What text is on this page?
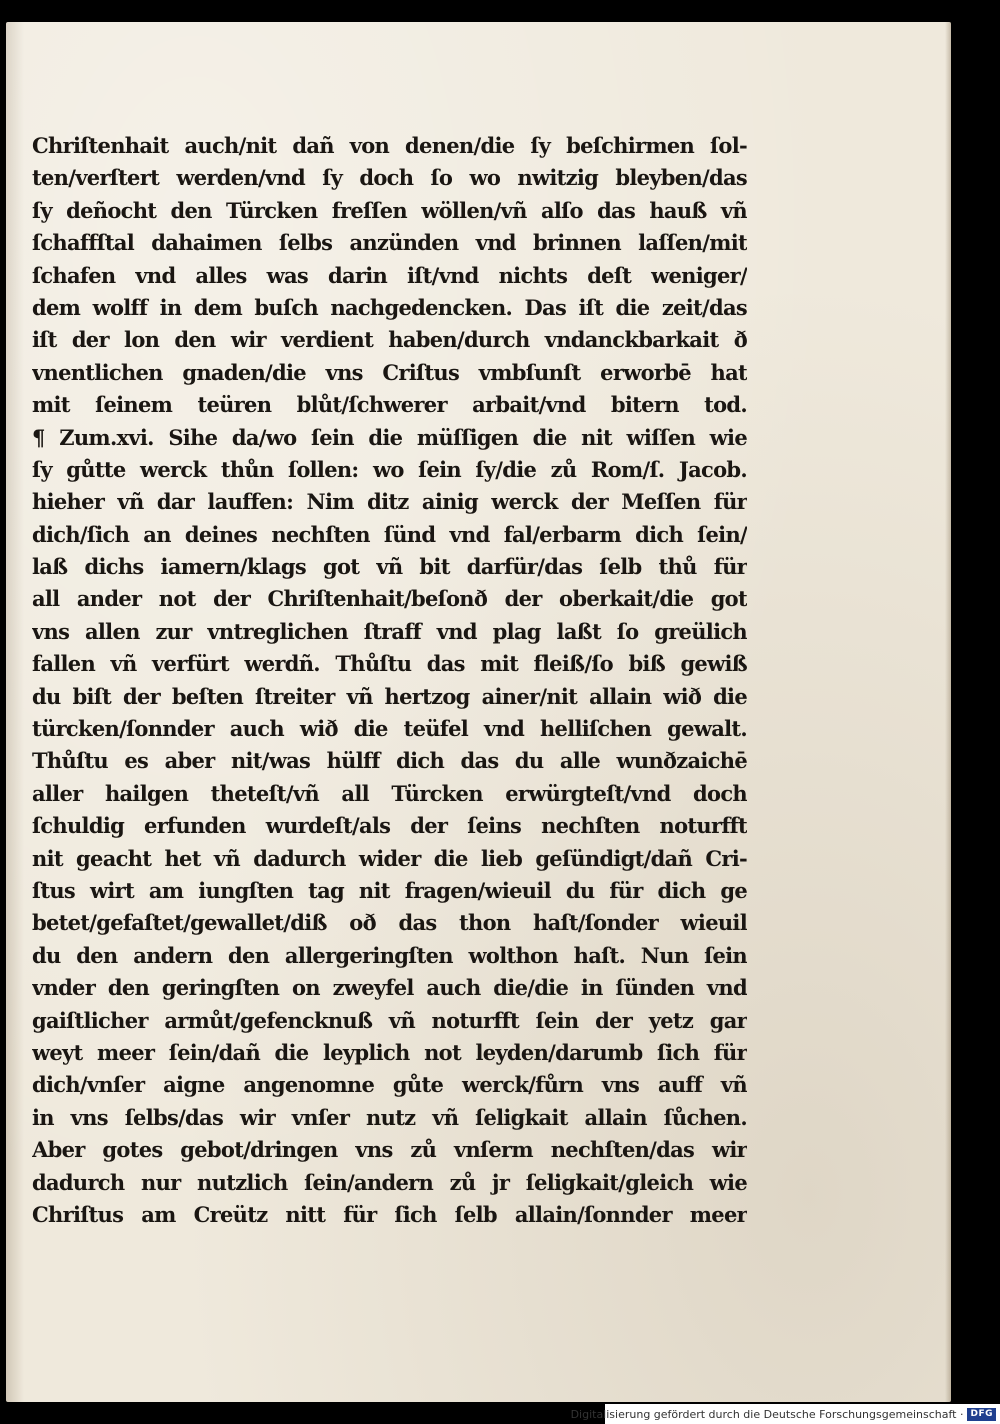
Chriſtenhait auch/nit dañ von denen/die ſy beſchirmen ſol-
ten/verſtert werden/vnd ſy doch ſo wo nwitzig bleyben/das
ſy deñocht den Türcken freſſen wöllen/vñ alſo das hauß vñ
ſchaffſtal dahaimen ſelbs anzünden vnd brinnen laſſen/mit
ſchafen vnd alles was darin iſt/vnd nichts deſt weniger/
dem wolff in dem buſch nachgedencken. Das iſt die zeit/das
iſt der lon den wir verdient haben/durch vndanckbarkait ð
vnentlichen gnaden/die vns Criſtus vmbſunſt erworbē hat
mit ſeinem teüren blůt/ſchwerer arbait/vnd bitern tod.
¶ Zum.xvi. Sihe da/wo ſein die müſſigen die nit wiſſen wie
ſy gůtte werck thůn ſollen: wo ſein ſy/die zů Rom/ſ. Jacob.
hieher vñ dar lauffen: Nim ditz ainig werck der Meſſen für
dich/ſich an deines nechſten ſünd vnd fal/erbarm dich ſein/
laß dichs iamern/klags got vñ bit darfür/das ſelb thů für
all ander not der Chriſtenhait/beſonð der oberkait/die got
vns allen zur vntreglichen ſtraff vnd plag laßt ſo greülich
fallen vñ verfürt werdñ. Thůſtu das mit fleiß/ſo biß gewiß
du biſt der beſten ſtreiter vñ hertzog ainer/nit allain wið die
türcken/ſonnder auch wið die teüfel vnd helliſchen gewalt.
Thůſtu es aber nit/was hülff dich das du alle wunðzaichē
aller hailgen theteſt/vñ all Türcken erwürgteſt/vnd doch
ſchuldig erfunden wurdeſt/als der ſeins nechſten noturfft
nit geacht het vñ dadurch wider die lieb geſündigt/dañ Cri-
ſtus wirt am iungſten tag nit fragen/wieuil du für dich ge
betet/gefaſtet/gewallet/diß oð das thon haſt/ſonder wieuil
du den andern den allergeringſten wolthon haſt. Nun ſein
vnder den geringſten on zweyfel auch die/die in ſünden vnd
gaiſtlicher armůt/gefencknuß vñ noturfft ſein der yetz gar
weyt meer ſein/dañ die leyplich not leyden/darumb ſich für
dich/vnſer aigne angenomne gůte werck/fůrn vns auff vñ
in vns ſelbs/das wir vnſer nutz vñ ſeligkait allain ſůchen.
Aber gotes gebot/dringen vns zů vnſerm nechſten/das wir
dadurch nur nutzlich ſein/andern zů jr ſeligkait/gleich wie
Chriſtus am Creütz nitt für ſich ſelb allain/ſonnder meer
Digitalisierung gefördert durch die Deutsche Forschungsgemeinschaft · DFG
